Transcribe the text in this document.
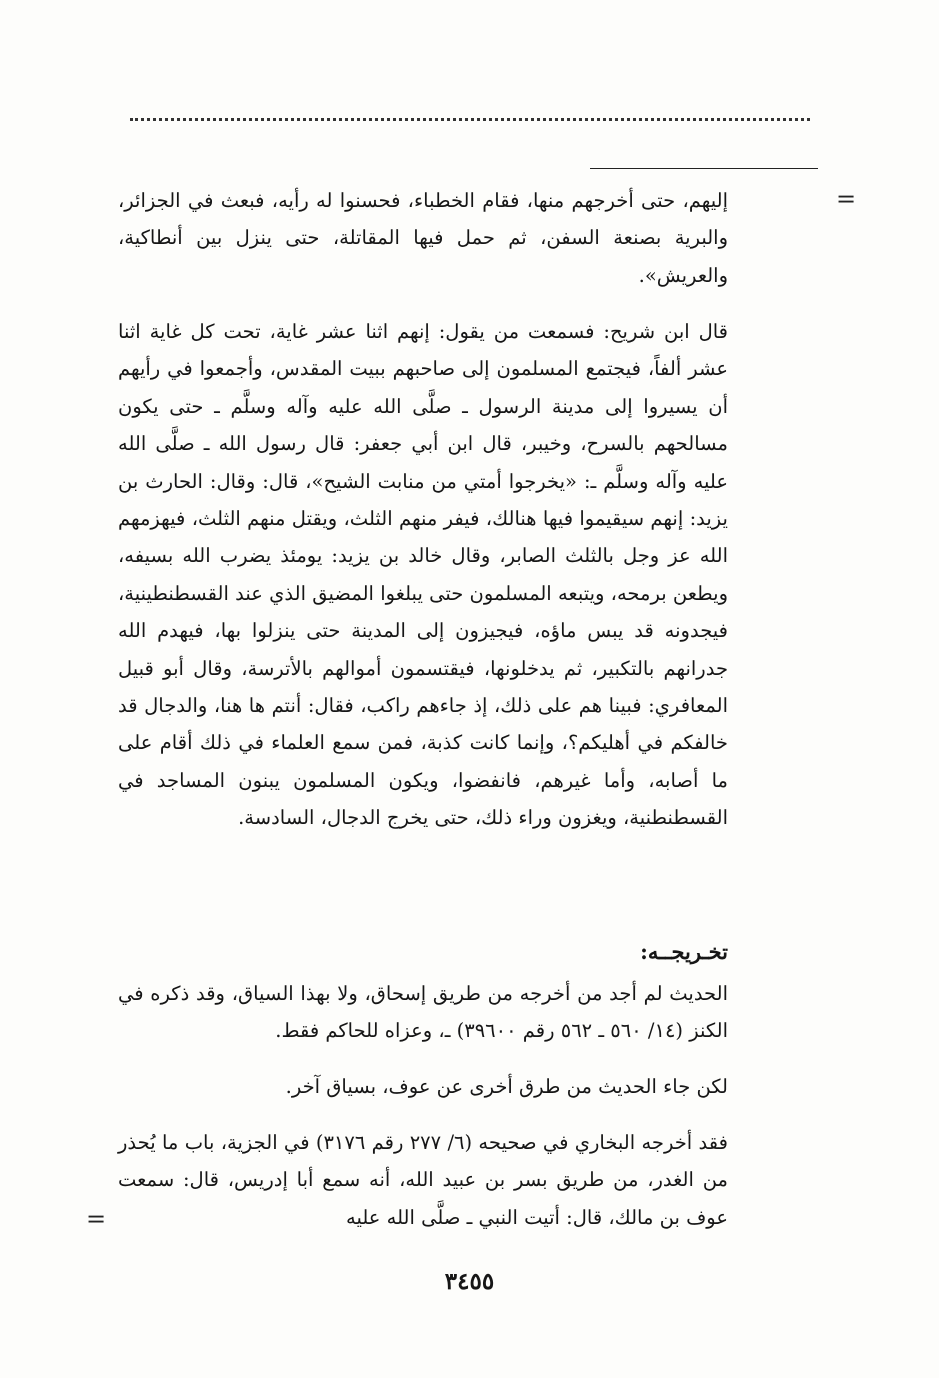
=
إليهم، حتى أخرجهم منها، فقام الخطباء، فحسنوا له رأيه، فبعث في الجزائر، والبرية بصنعة السفن، ثم حمل فيها المقاتلة، حتى ينزل بين أنطاكية، والعريش».
قال ابن شريح: فسمعت من يقول: إنهم اثنا عشر غاية، تحت كل غاية اثنا عشر ألفاً، فيجتمع المسلمون إلى صاحبهم ببيت المقدس، وأجمعوا في رأيهم أن يسيروا إلى مدينة الرسول ـ صلَّى الله عليه وآله وسلَّم ـ حتى يكون مسالحهم بالسرح، وخيبر، قال ابن أبي جعفر: قال رسول الله ـ صلَّى الله عليه وآله وسلَّم ـ: «يخرجوا أمتي من منابت الشيح»، قال: وقال: الحارث بن يزيد: إنهم سيقيموا فيها هنالك، فيفر منهم الثلث، ويقتل منهم الثلث، فيهزمهم الله عز وجل بالثلث الصابر، وقال خالد بن يزيد: يومئذ يضرب الله بسيفه، ويطعن برمحه، ويتبعه المسلمون حتى يبلغوا المضيق الذي عند القسطنطينية، فيجدونه قد يبس ماؤه، فيجيزون إلى المدينة حتى ينزلوا بها، فيهدم الله جدرانهم بالتكبير، ثم يدخلونها، فيقتسمون أموالهم بالأترسة، وقال أبو قبيل المعافري: فبينا هم على ذلك، إذ جاءهم راكب، فقال: أنتم ها هنا، والدجال قد خالفكم في أهليكم؟، وإنما كانت كذبة، فمن سمع العلماء في ذلك أقام على ما أصابه، وأما غيرهم، فانفضوا، ويكون المسلمون يبنون المساجد في القسطنطنية، ويغزون وراء ذلك، حتى يخرج الدجال، السادسة.
تخـريجــه:
الحديث لم أجد من أخرجه من طريق إسحاق، ولا بهذا السياق، وقد ذكره في الكنز (١٤/ ٥٦٠ ـ ٥٦٢ رقم ٣٩٦٠٠) ـ، وعزاه للحاكم فقط.
لكن جاء الحديث من طرق أخرى عن عوف، بسياق آخر.
فقد أخرجه البخاري في صحيحه (٦/ ٢٧٧ رقم ٣١٧٦) في الجزية، باب ما يُحذر من الغدر، من طريق بسر بن عبيد الله، أنه سمع أبا إدريس، قال: سمعت عوف بن مالك، قال: أتيت النبي ـ صلَّى الله عليه
=
٣٤٥٥
